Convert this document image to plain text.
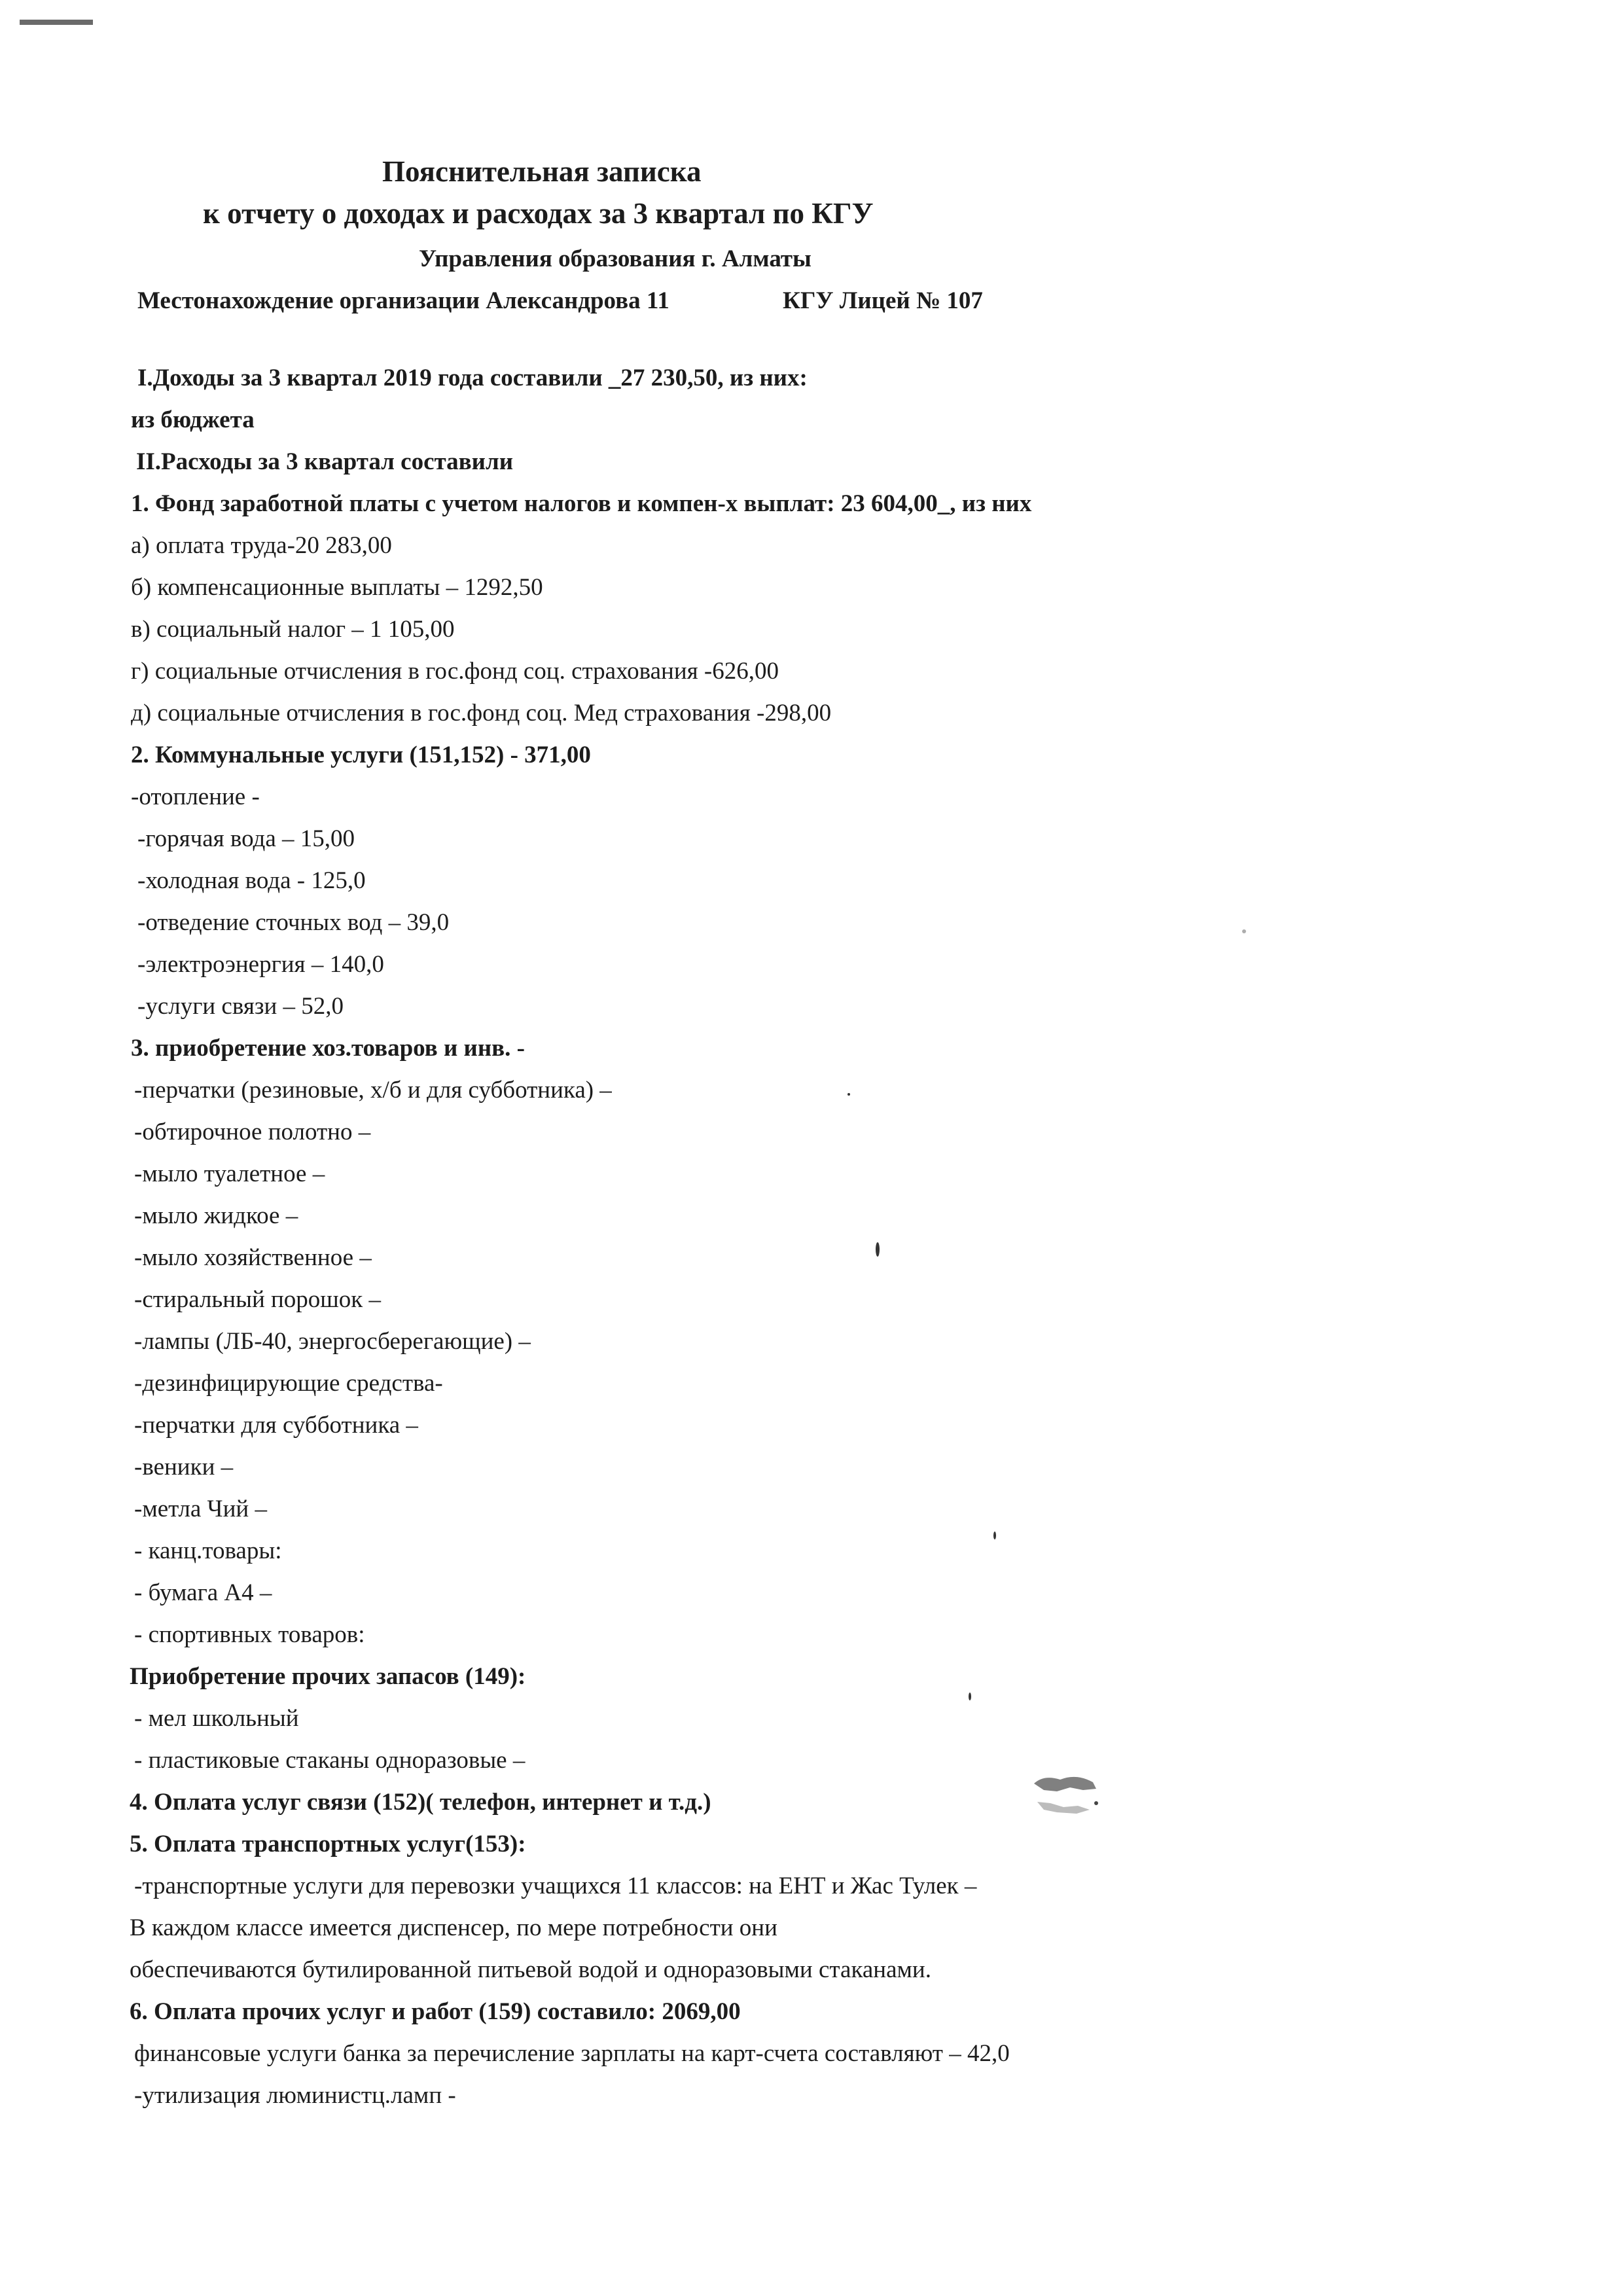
Пояснительная записка
к отчету о доходах и расходах за 3 квартал по КГУ
Управления образования г. Алматы
Местонахождение организации Александрова 11	КГУ Лицей № 107
I.Доходы за 3 квартал 2019 года составили _27 230,50, из них:
из бюджета
II.Расходы за 3 квартал составили
1. Фонд заработной платы с учетом налогов и компен-х выплат: 23 604,00_, из них
а) оплата труда-20 283,00
б) компенсационные выплаты – 1292,50
в) социальный налог – 1 105,00
г) социальные отчисления в гос.фонд соц. страхования -626,00
д) социальные отчисления в гос.фонд соц. Мед страхования -298,00
2. Коммунальные услуги (151,152) - 371,00
-отопление -
-горячая вода – 15,00
-холодная вода - 125,0
-отведение сточных вод – 39,0
-электроэнергия – 140,0
-услуги связи – 52,0
3. приобретение хоз.товаров и инв. -
-перчатки (резиновые, х/б и для субботника) –
-обтирочное полотно –
-мыло туалетное –
-мыло жидкое –
-мыло хозяйственное –
-стиральный порошок –
-лампы (ЛБ-40, энергосберегающие) –
-дезинфицирующие средства-
-перчатки для субботника –
-веники –
-метла Чий –
- канц.товары:
- бумага А4 –
- спортивных товаров:
Приобретение прочих запасов (149):
- мел школьный
- пластиковые стаканы одноразовые –
4. Оплата услуг связи (152)( телефон, интернет и т.д.)
5. Оплата транспортных услуг(153):
-транспортные услуги для перевозки учащихся 11 классов: на ЕНТ и Жас Тулек –
В каждом классе имеется диспенсер, по мере потребности они
обеспечиваются бутилированной питьевой водой и одноразовыми стаканами.
6. Оплата прочих услуг и работ (159) составило: 2069,00
финансовые услуги банка за перечисление зарплаты на карт-счета составляют – 42,0
-утилизация люминистц.ламп -
